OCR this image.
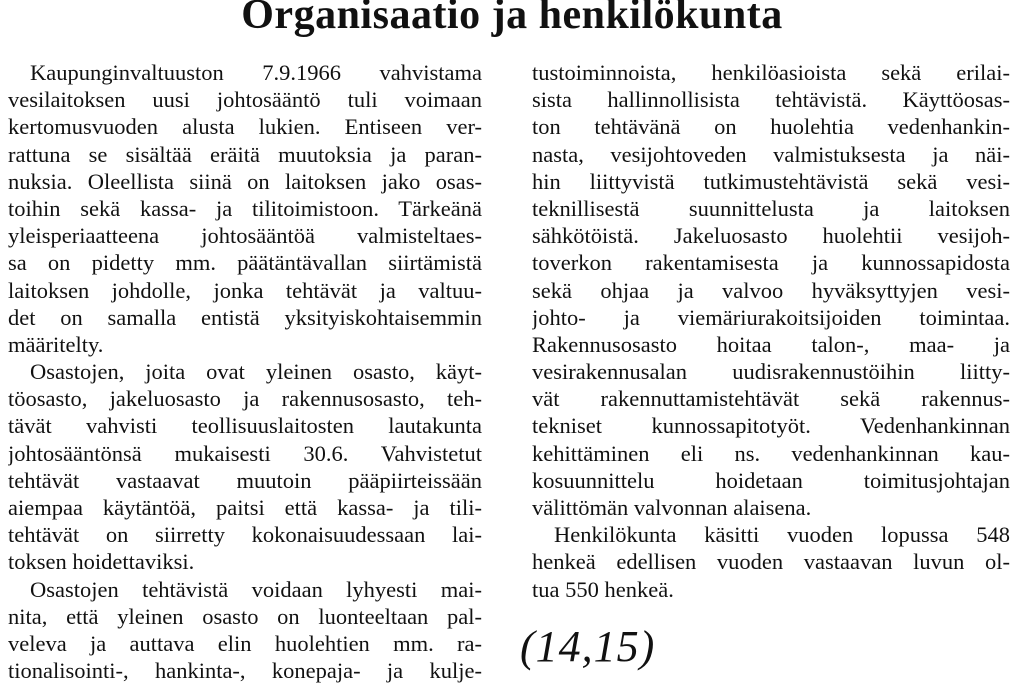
Organisaatio ja henkilökunta
Kaupunginvaltuuston 7.9.1966 vahvistama
vesilaitoksen uusi johtosääntö tuli voimaan
kertomusvuoden alusta lukien. Entiseen ver-
rattuna se sisältää eräitä muutoksia ja paran-
nuksia. Oleellista siinä on laitoksen jako osas-
toihin sekä kassa- ja tilitoimistoon. Tärkeänä
yleisperiaatteena johtosääntöä valmisteltaes-
sa on pidetty mm. päätäntävallan siirtämistä
laitoksen johdolle, jonka tehtävät ja valtuu-
det on samalla entistä yksityiskohtaisemmin
määritelty.
Osastojen, joita ovat yleinen osasto, käyt-
töosasto, jakeluosasto ja rakennusosasto, teh-
tävät vahvisti teollisuuslaitosten lautakunta
johtosääntönsä mukaisesti 30.6. Vahvistetut
tehtävät vastaavat muutoin pääpiirteissään
aiempaa käytäntöä, paitsi että kassa- ja tili-
tehtävät on siirretty kokonaisuudessaan lai-
toksen hoidettaviksi.
Osastojen tehtävistä voidaan lyhyesti mai-
nita, että yleinen osasto on luonteeltaan pal-
veleva ja auttava elin huolehtien mm. ra-
tionalisointi-, hankinta-, konepaja- ja kulje-
tustoiminnoista, henkilöasioista sekä erilai-
sista hallinnollisista tehtävistä. Käyttöosas-
ton tehtävänä on huolehtia vedenhankin-
nasta, vesijohtoveden valmistuksesta ja näi-
hin liittyvistä tutkimustehtävistä sekä vesi-
teknillisestä suunnittelusta ja laitoksen
sähkötöistä. Jakeluosasto huolehtii vesijoh-
toverkon rakentamisesta ja kunnossapidosta
sekä ohjaa ja valvoo hyväksyttyjen vesi-
johto- ja viemäriurakoitsijoiden toimintaa.
Rakennusosasto hoitaa talon-, maa- ja
vesirakennusalan uudisrakennustöihin liitty-
vät rakennuttamistehtävät sekä rakennus-
tekniset kunnossapitotyöt. Vedenhankinnan
kehittäminen eli ns. vedenhankinnan kau-
kosuunnittelu hoidetaan toimitusjohtajan
välittömän valvonnan alaisena.
Henkilökunta käsitti vuoden lopussa 548
henkeä edellisen vuoden vastaavan luvun ol-
tua 550 henkeä.
(14,15)
